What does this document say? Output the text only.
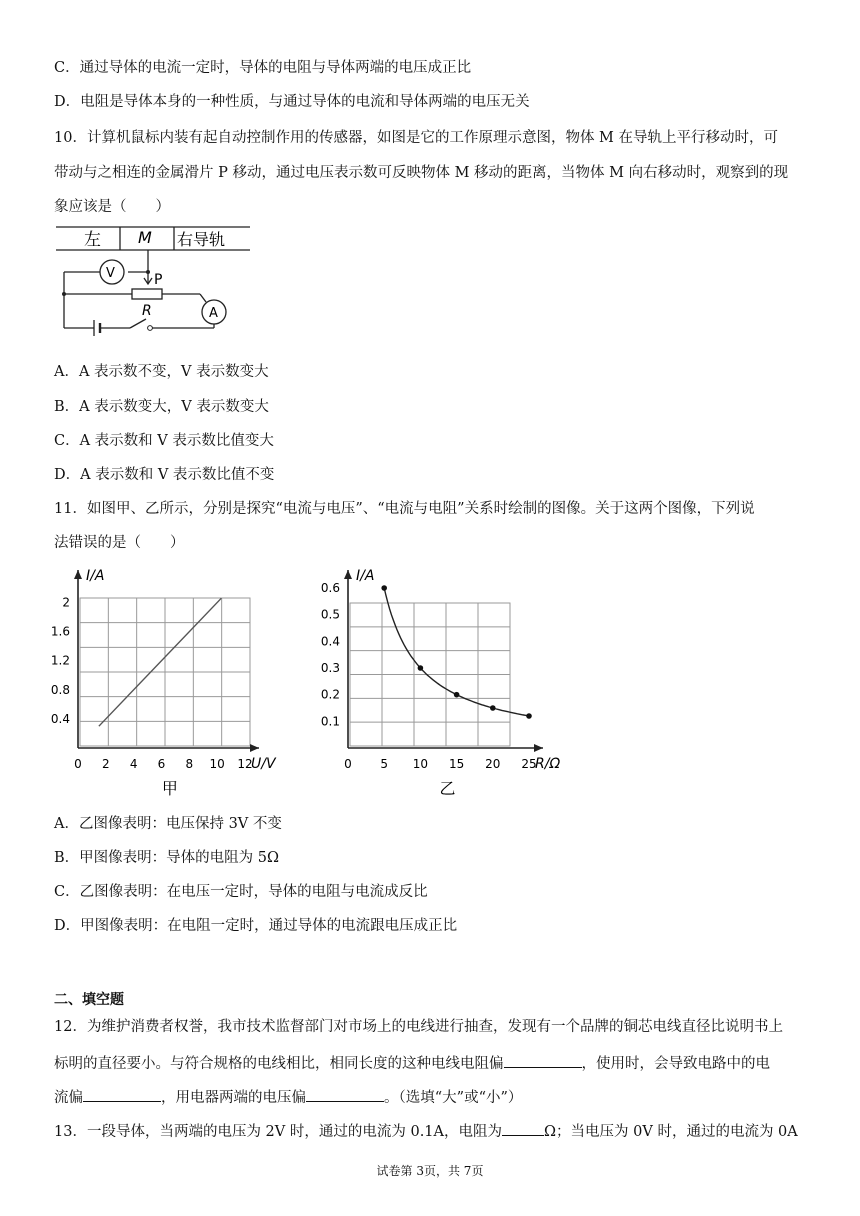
C．通过导体的电流一定时，导体的电阻与导体两端的电压成正比
D．电阻是导体本身的一种性质，与通过导体的电流和导体两端的电压无关
10．计算机鼠标内装有起自动控制作用的传感器，如图是它的工作原理示意图，物体 M 在导轨上平行移动时，可
带动与之相连的金属滑片 P 移动，通过电压表示数可反映物体 M 移动的距离，当物体 M 向右移动时，观察到的现
象应该是（　　）
左 M 右导轨
V	P
R	A
A．A 表示数不变，V 表示数变大
B．A 表示数变大，V 表示数变大
C．A 表示数和 V 表示数比值变大
D．A 表示数和 V 表示数比值不变
11．如图甲、乙所示，分别是探究“电流与电压”、“电流与电阻”关系时绘制的图像。关于这两个图像，下列说
法错误的是（　　）
0 2 4 6 8 10 12
0.4
0.8
1.2
1.6
2
I/A
U/V
甲
0 5 10 15 20 25
0.1
0.2
0.3
0.4
0.5
0.6
I/A
R/Ω
乙
A．乙图像表明：电压保持 3V 不变
B．甲图像表明：导体的电阻为 5Ω
C．乙图像表明：在电压一定时，导体的电阻与电流成反比
D．甲图像表明：在电阻一定时，通过导体的电流跟电压成正比
二、填空题
12．为维护消费者权誉，我市技术监督部门对市场上的电线进行抽查，发现有一个品牌的铜芯电线直径比说明书上
标明的直径要小。与符合规格的电线相比，相同长度的这种电线电阻偏	，使用时，会导致电路中的电
流偏	，用电器两端的电压偏	。（选填“大”或“小”）
13．一段导体，当两端的电压为 2V 时，通过的电流为 0.1A，电阻为	Ω；当电压为 0V 时，通过的电流为 0A
试卷第 3页，共 7页
